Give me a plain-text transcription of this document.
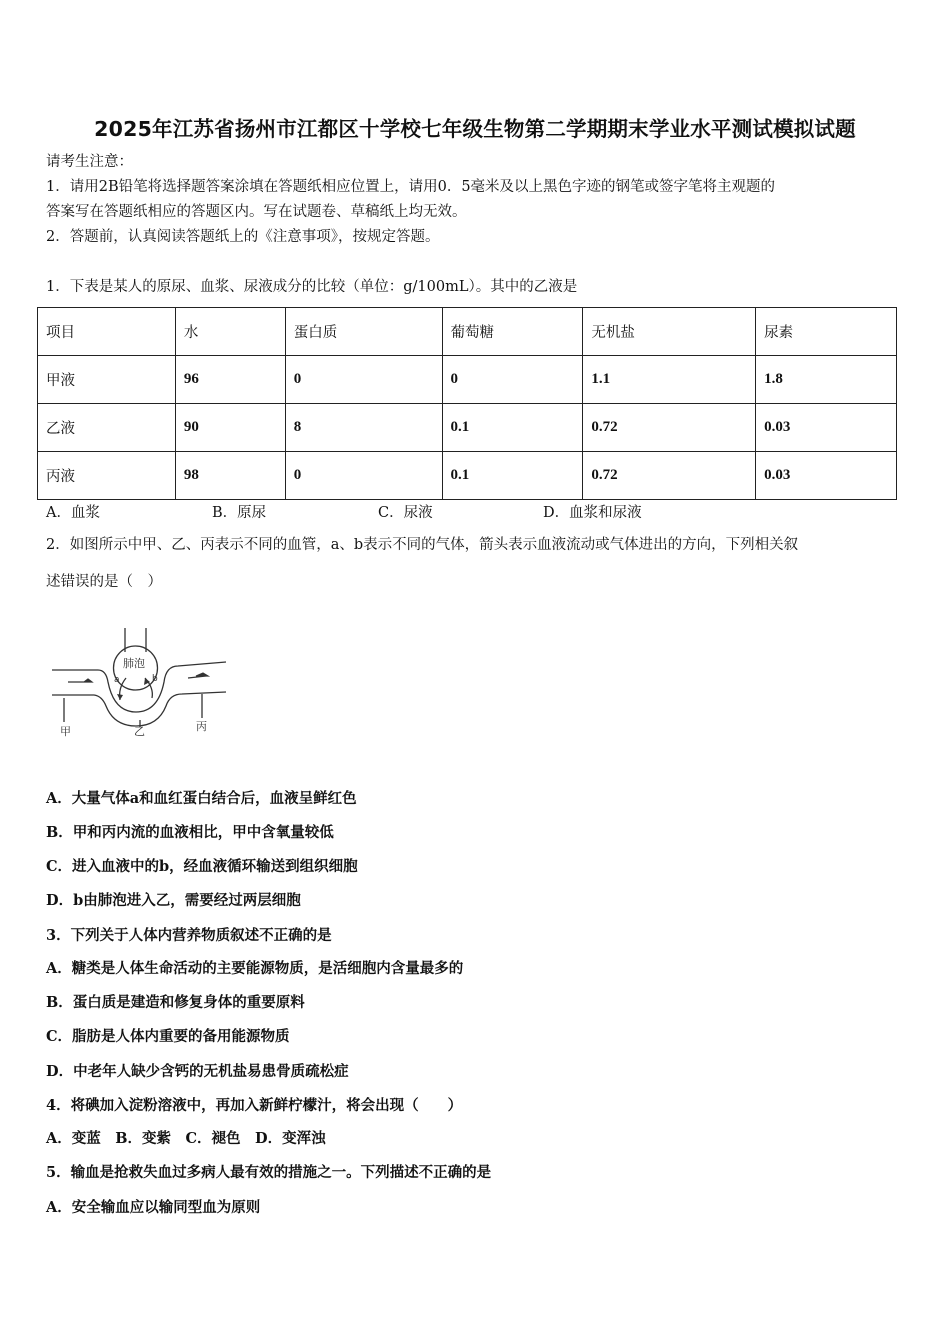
2025年江苏省扬州市江都区十学校七年级生物第二学期期末学业水平测试模拟试题
请考生注意：
1．请用2B铅笔将选择题答案涂填在答题纸相应位置上，请用0．5毫米及以上黑色字迹的钢笔或签字笔将主观题的
答案写在答题纸相应的答题区内。写在试题卷、草稿纸上均无效。
2．答题前，认真阅读答题纸上的《注意事项》，按规定答题。
1．下表是某人的原尿、血浆、尿液成分的比较（单位：g/100mL）。其中的乙液是
项目	水	蛋白质	葡萄糖	无机盐	尿素
甲液	96	0	0	1.1	1.8
乙液	90	8	0.1	0.72	0.03
丙液	98	0	0.1	0.72	0.03
A．血浆	B．原尿	C．尿液	D．血浆和尿液
2．如图所示中甲、乙、丙表示不同的血管，a、b表示不同的气体，箭头表示血液流动或气体进出的方向，下列相关叙
述错误的是（　）
肺泡
a	b
甲	乙	丙
A．大量气体a和血红蛋白结合后，血液呈鲜红色
B．甲和丙内流的血液相比，甲中含氧量较低
C．进入血液中的b，经血液循环输送到组织细胞
D．b由肺泡进入乙，需要经过两层细胞
3．下列关于人体内营养物质叙述不正确的是
A．糖类是人体生命活动的主要能源物质，是活细胞内含量最多的
B．蛋白质是建造和修复身体的重要原料
C．脂肪是人体内重要的备用能源物质
D．中老年人缺少含钙的无机盐易患骨质疏松症
4．将碘加入淀粉溶液中，再加入新鲜柠檬汁，将会出现（　　）
A．变蓝　B．变紫　C．褪色　D．变浑浊
5．输血是抢救失血过多病人最有效的措施之一。下列描述不正确的是
A．安全输血应以输同型血为原则
